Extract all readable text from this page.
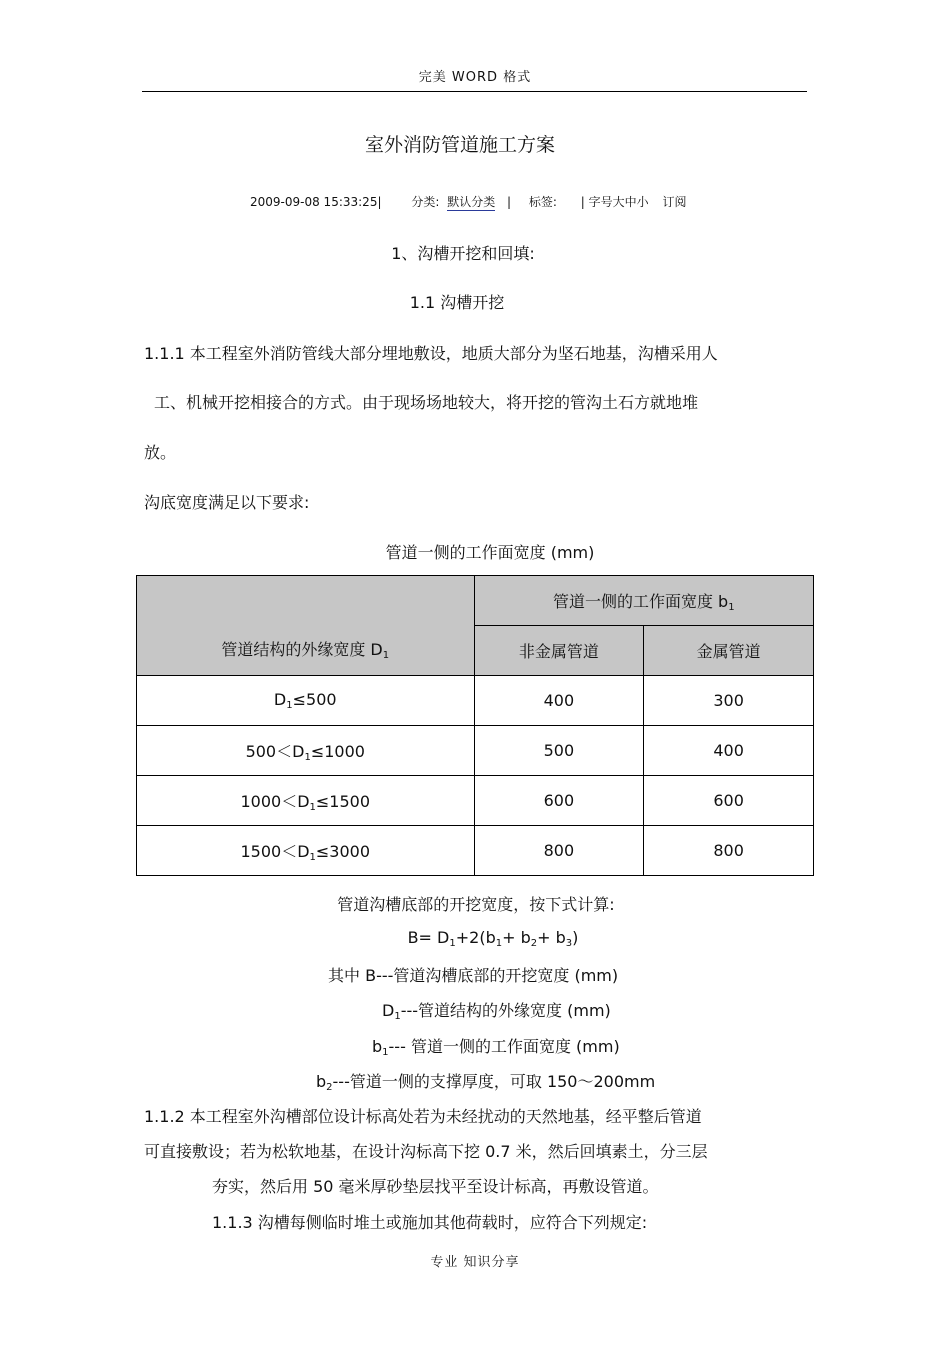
完美 WORD 格式
室外消防管道施工方案
2009-09-08 15:33:25| 分类: 默认分类 | 标签: | 字号大中小 订阅
1、沟槽开挖和回填:
1.1 沟槽开挖
1.1.1 本工程室外消防管线大部分埋地敷设，地质大部分为坚石地基，沟槽采用人
工、机械开挖相接合的方式。由于现场场地较大，将开挖的管沟土石方就地堆
放。
沟底宽度满足以下要求:
管道一侧的工作面宽度 (mm)
管道结构的外缘宽度 $D_1$	管道一侧的工作面宽度 $b_1$
	非金属管道	金属管道
$D_1\le 500$	400	300
$500<D_1\le 1000$	500	400
$1000<D_1\le 1500$	600	600
$1500<D_1\le 3000$	800	800
管道沟槽底部的开挖宽度，按下式计算:
$B= D_1+2(b_1+ b_2+ b_3)$
其中 B---管道沟槽底部的开挖宽度 (mm)
$D_1---$管道结构的外缘宽度 (mm)
$b_1---$ 管道一侧的工作面宽度 (mm)
$b_2---$管道一侧的支撑厚度，可取 150～200mm
1.1.2 本工程室外沟槽部位设计标高处若为未经扰动的天然地基，经平整后管道
可直接敷设；若为松软地基，在设计沟标高下挖 0.7 米，然后回填素土，分三层
夯实，然后用 50 毫米厚砂垫层找平至设计标高，再敷设管道。
1.1.3 沟槽每侧临时堆土或施加其他荷载时，应符合下列规定:
专业 知识分享
